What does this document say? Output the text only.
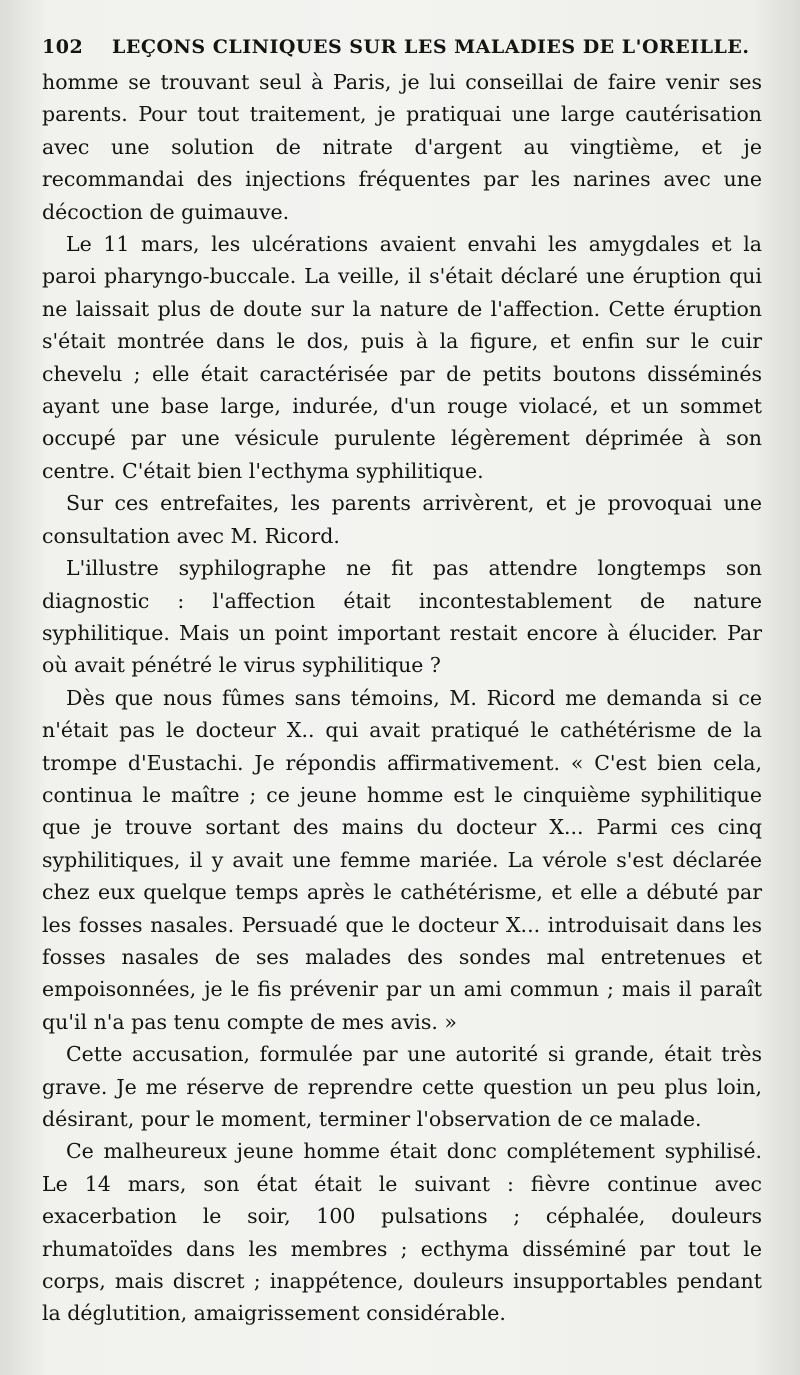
102	LEÇONS CLINIQUES SUR LES MALADIES DE L'OREILLE.

homme se trouvant seul à Paris, je lui conseillai de faire venir ses parents. Pour tout traitement, je pratiquai une large cautérisation avec une solution de nitrate d'argent au vingtième, et je recommandai des injections fréquentes par les narines avec une décoction de guimauve.

Le 11 mars, les ulcérations avaient envahi les amygdales et la paroi pharyngo-buccale. La veille, il s'était déclaré une éruption qui ne laissait plus de doute sur la nature de l'affection. Cette éruption s'était montrée dans le dos, puis à la figure, et enfin sur le cuir chevelu ; elle était caractérisée par de petits boutons disséminés ayant une base large, indurée, d'un rouge violacé, et un sommet occupé par une vésicule purulente légèrement déprimée à son centre. C'était bien l'ecthyma syphilitique.

Sur ces entrefaites, les parents arrivèrent, et je provoquai une consultation avec M. Ricord.

L'illustre syphilographe ne fit pas attendre longtemps son diagnostic : l'affection était incontestablement de nature syphilitique. Mais un point important restait encore à élucider. Par où avait pénétré le virus syphilitique ?

Dès que nous fûmes sans témoins, M. Ricord me demanda si ce n'était pas le docteur X.. qui avait pratiqué le cathétérisme de la trompe d'Eustachi. Je répondis affirmativement. « C'est bien cela, continua le maître ; ce jeune homme est le cinquième syphilitique que je trouve sortant des mains du docteur X... Parmi ces cinq syphilitiques, il y avait une femme mariée. La vérole s'est déclarée chez eux quelque temps après le cathétérisme, et elle a débuté par les fosses nasales. Persuadé que le docteur X... introduisait dans les fosses nasales de ses malades des sondes mal entretenues et empoisonnées, je le fis prévenir par un ami commun ; mais il paraît qu'il n'a pas tenu compte de mes avis. »

Cette accusation, formulée par une autorité si grande, était très grave. Je me réserve de reprendre cette question un peu plus loin, désirant, pour le moment, terminer l'observation de ce malade.

Ce malheureux jeune homme était donc complétement syphilisé. Le 14 mars, son état était le suivant : fièvre continue avec exacerbation le soir, 100 pulsations ; céphalée, douleurs rhumatoïdes dans les membres ; ecthyma disséminé par tout le corps, mais discret ; inappétence, douleurs insupportables pendant la déglutition, amaigrissement considérable.
